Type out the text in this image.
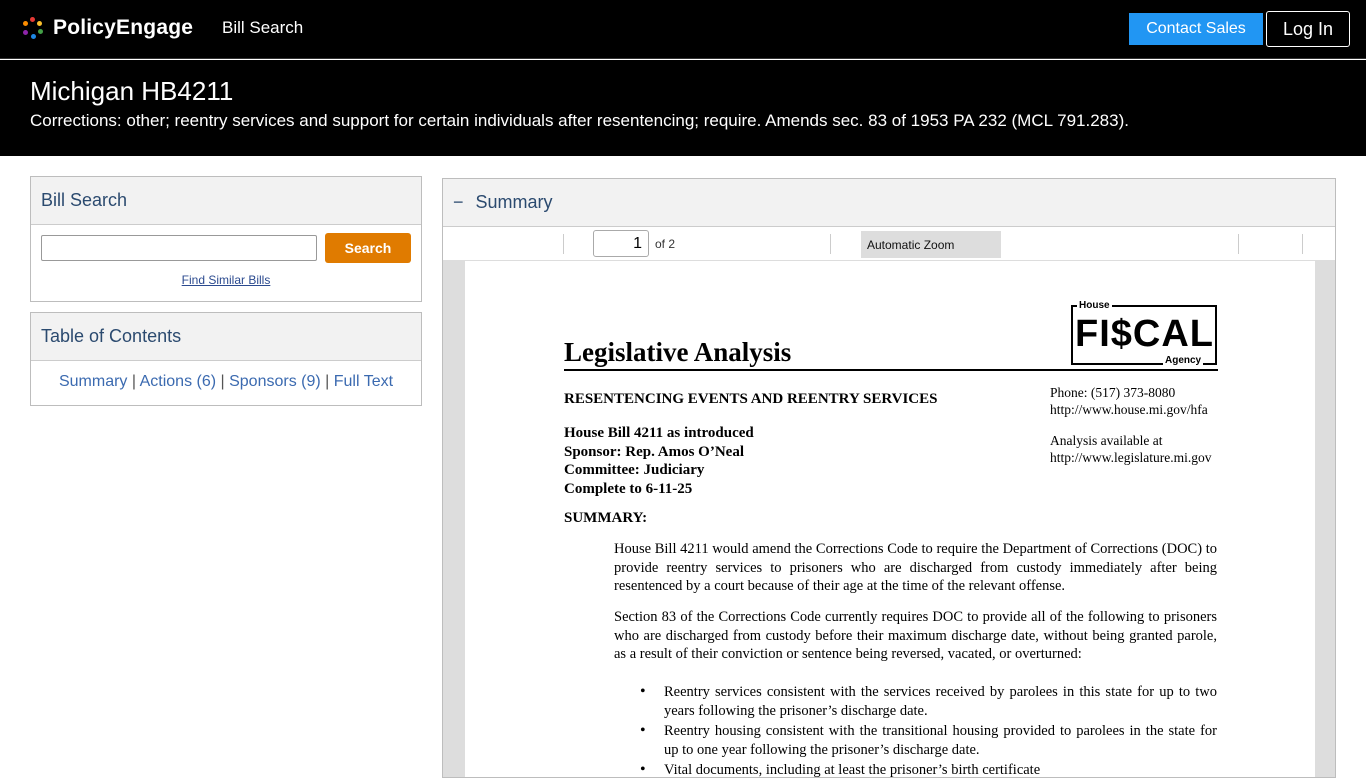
PolicyEngage Bill Search	Contact Sales	Log In
Michigan HB4211
Corrections: other; reentry services and support for certain individuals after resentencing; require. Amends sec. 83 of 1953 PA 232 (MCL 791.283).
Bill Search
Search
Find Similar Bills
Table of Contents
Summary | Actions (6) | Sponsors (9) | Full Text
− Summary
1
of 2	Automatic Zoom
Legislative Analysis
House
FI$CAL
Agency
RESENTENCING EVENTS AND REENTRY SERVICES	Phone: (517) 373-8080
http://www.house.mi.gov/hfa
Analysis available at
http://www.legislature.mi.gov
House Bill 4211 as introduced
Sponsor: Rep. Amos O’Neal
Committee: Judiciary
Complete to 6-11-25
SUMMARY:
House Bill 4211 would amend the Corrections Code to require the Department of Corrections (DOC) to provide reentry services to prisoners who are discharged from custody immediately after being resentenced by a court because of their age at the time of the relevant offense.
Section 83 of the Corrections Code currently requires DOC to provide all of the following to prisoners who are discharged from custody before their maximum discharge date, without being granted parole, as a result of their conviction or sentence being reversed, vacated, or overturned:
• Reentry services consistent with the services received by parolees in this state for up to two years following the prisoner’s discharge date.
• Reentry housing consistent with the transitional housing provided to parolees in the state for up to one year following the prisoner’s discharge date.
• Vital documents, including at least the prisoner’s birth certificate
